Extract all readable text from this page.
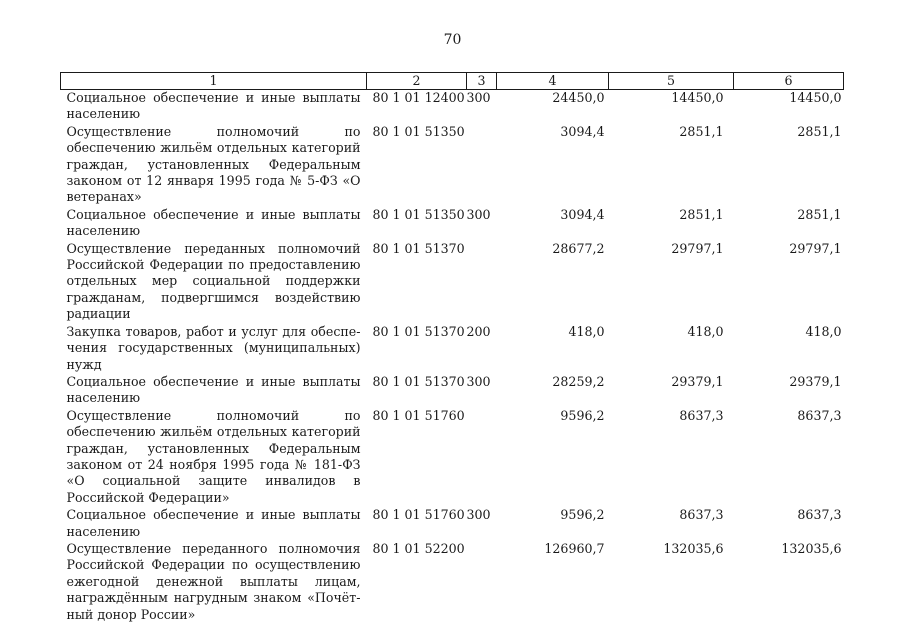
70
1	2	3	4	5	6
Социальное обеспечение и иные выплаты населению	80 1 01 12400	300	24450,0	14450,0	14450,0
Осуществление полномочий по обеспечению жильём отдельных категорий граждан, установленных Федеральным законом от 12 января 1995 года № 5-ФЗ «О ветеранах»	80 1 01 51350		3094,4	2851,1	2851,1
Социальное обеспечение и иные выплаты населению	80 1 01 51350	300	3094,4	2851,1	2851,1
Осуществление переданных полномочий Российской Федерации по предоставлению отдельных мер социальной поддержки гражданам, подвергшимся воздействию радиации	80 1 01 51370		28677,2	29797,1	29797,1
Закупка товаров, работ и услуг для обеспечения государственных (муниципальных) нужд	80 1 01 51370	200	418,0	418,0	418,0
Социальное обеспечение и иные выплаты населению	80 1 01 51370	300	28259,2	29379,1	29379,1
Осуществление полномочий по обеспечению жильём отдельных категорий граждан, установленных Федеральным законом от 24 ноября 1995 года № 181-ФЗ «О социальной защите инвалидов в Российской Федерации»	80 1 01 51760		9596,2	8637,3	8637,3
Социальное обеспечение и иные выплаты населению	80 1 01 51760	300	9596,2	8637,3	8637,3
Осуществление переданного полномочия Российской Федерации по осуществлению ежегодной денежной выплаты лицам, награждённым нагрудным знаком «Почётный донор России»	80 1 01 52200		126960,7	132035,6	132035,6
